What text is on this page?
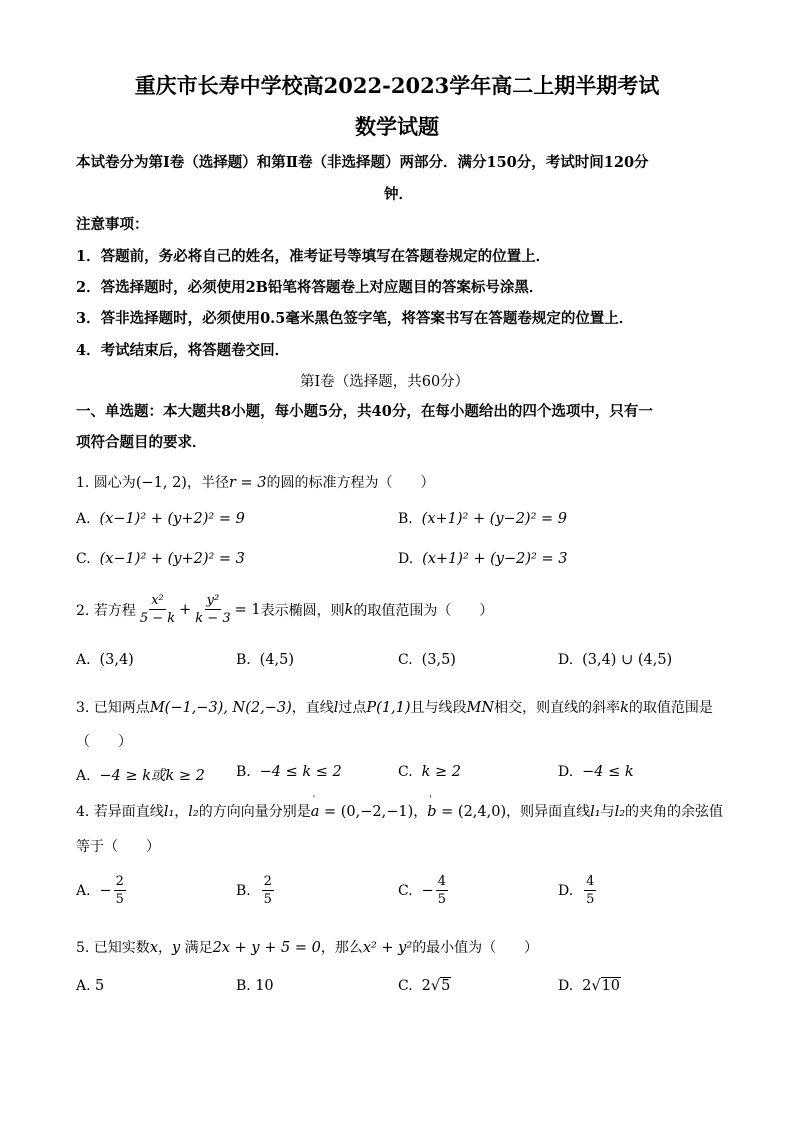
重庆市长寿中学校高2022-2023学年高二上期半期考试
数学试题
本试卷分为第Ⅰ卷（选择题）和第Ⅱ卷（非选择题）两部分．满分150分，考试时间120分
钟．
注意事项：
1．答题前，务必将自己的姓名，准考证号等填写在答题卷规定的位置上．
2．答选择题时，必须使用2B铅笔将答题卷上对应题目的答案标号涂黑．
3．答非选择题时，必须使用0.5毫米黑色签字笔，将答案书写在答题卷规定的位置上．
4．考试结束后，将答题卷交回．
第Ⅰ卷（选择题，共60分）
一、单选题：本大题共8小题，每小题5分，共40分，在每小题给出的四个选项中，只有一
项符合题目的要求．
1. 圆心为(−1, 2)，半径r = 3的圆的标准方程为（　　）
A. (x−1)² + (y+2)² = 9	B. (x+1)² + (y−2)² = 9
C. (x−1)² + (y+2)² = 3	D. (x+1)² + (y−2)² = 3
2. 若方程 $\frac{\text{x²}}{5 - k} + \frac{\text{y²}}{k - 3} = 1$ 表示椭圆，则 k 的取值范围为（　　）
A. (3,4)	B. (4,5)	C. (3,5)	D. (3,4) ∪ (4,5)
3. 已知两点M(−1,−3), N(2,−3)，直线l过点P(1,1)且与线段MN相交，则直线的斜率k的取值范围是
（　　）
A. −4 ≥ k或k ≥ 2 B. −4 ≤ k ≤ 2	C. k ≥ 2	D. −4 ≤ k
4. 若异面直线l₁，l₂的方向向量分别是' a = (0,−2,−1)，' b = (2,4,0)，则异面直线l₁与l₂的夹角的余弦值
等于（　　）
A.
− $\frac{2}{5}$	B.
$\frac{2}{5}$	C.
− $\frac{4}{5}$	D.
$\frac{4}{5}$
5. 已知实数x，y 满足2x + y + 5 = 0，那么x² + y²的最小值为（　　）
A. 5	B. 10	C. 2√5	D. 2√10
